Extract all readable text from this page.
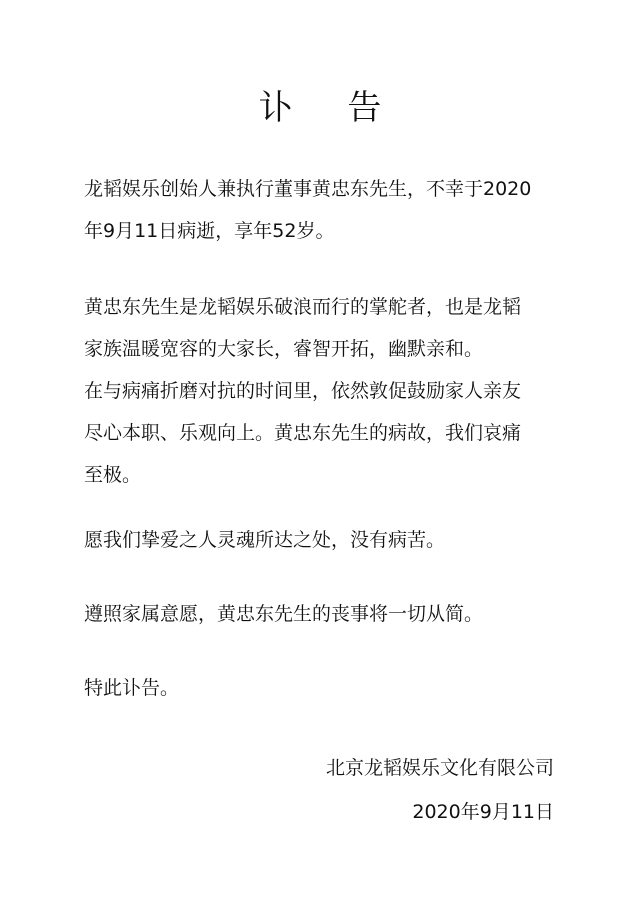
讣 告

龙韬娱乐创始人兼执行董事黄忠东先生，不幸于2020

年9月11日病逝，享年52岁。

黄忠东先生是龙韬娱乐破浪而行的掌舵者，也是龙韬

家族温暖宽容的大家长，睿智开拓，幽默亲和。

在与病痛折磨对抗的时间里，依然敦促鼓励家人亲友

尽心本职、乐观向上。黄忠东先生的病故，我们哀痛

至极。

愿我们挚爱之人灵魂所达之处，没有病苦。

遵照家属意愿，黄忠东先生的丧事将一切从简。

特此讣告。

北京龙韬娱乐文化有限公司
2020年9月11日
